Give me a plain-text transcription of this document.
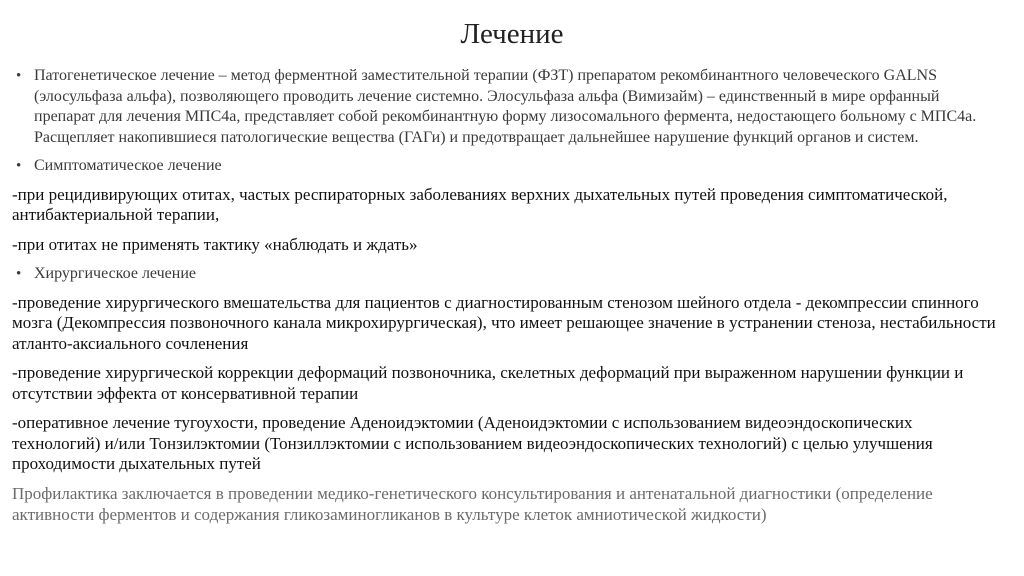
Лечение
• Патогенетическое лечение – метод ферментной заместительной терапии (ФЗТ) препаратом рекомбинантного человеческого GALNS (элосульфаза альфа), позволяющего проводить лечение системно. Элосульфаза альфа (Вимизайм) – единственный в мире орфанный препарат для лечения МПС4а, представляет собой рекомбинантную форму лизосомального фермента, недостающего больному с МПС4а. Расщепляет накопившиеся патологические вещества (ГАГи) и предотвращает дальнейшее нарушение функций органов и систем.
• Симптоматическое лечение

-при рецидивирующих отитах, частых респираторных заболеваниях верхних дыхательных путей проведения симптоматической, антибактериальной терапии,

-при отитах не применять тактику «наблюдать и ждать»

• Хирургическое лечение

-проведение хирургического вмешательства для пациентов с диагностированным стенозом шейного отдела - декомпрессии спинного мозга (Декомпрессия позвоночного канала микрохирургическая), что имеет решающее значение в устранении стеноза, нестабильности атланто-аксиального сочленения

-проведение хирургической коррекции деформаций позвоночника, скелетных деформаций при выраженном нарушении функции и отсутствии эффекта от консервативной терапии

-оперативное лечение тугоухости, проведение Аденоидэктомии (Аденоидэктомии с использованием видеоэндоскопических технологий) и/или Тонзилэктомии (Тонзиллэктомии с использованием видеоэндоскопических технологий) с целью улучшения проходимости дыхательных путей

Профилактика заключается в проведении медико-генетического консультирования и антенатальной диагностики (определение активности ферментов и содержания гликозаминогликанов в культуре клеток амниотической жидкости)
